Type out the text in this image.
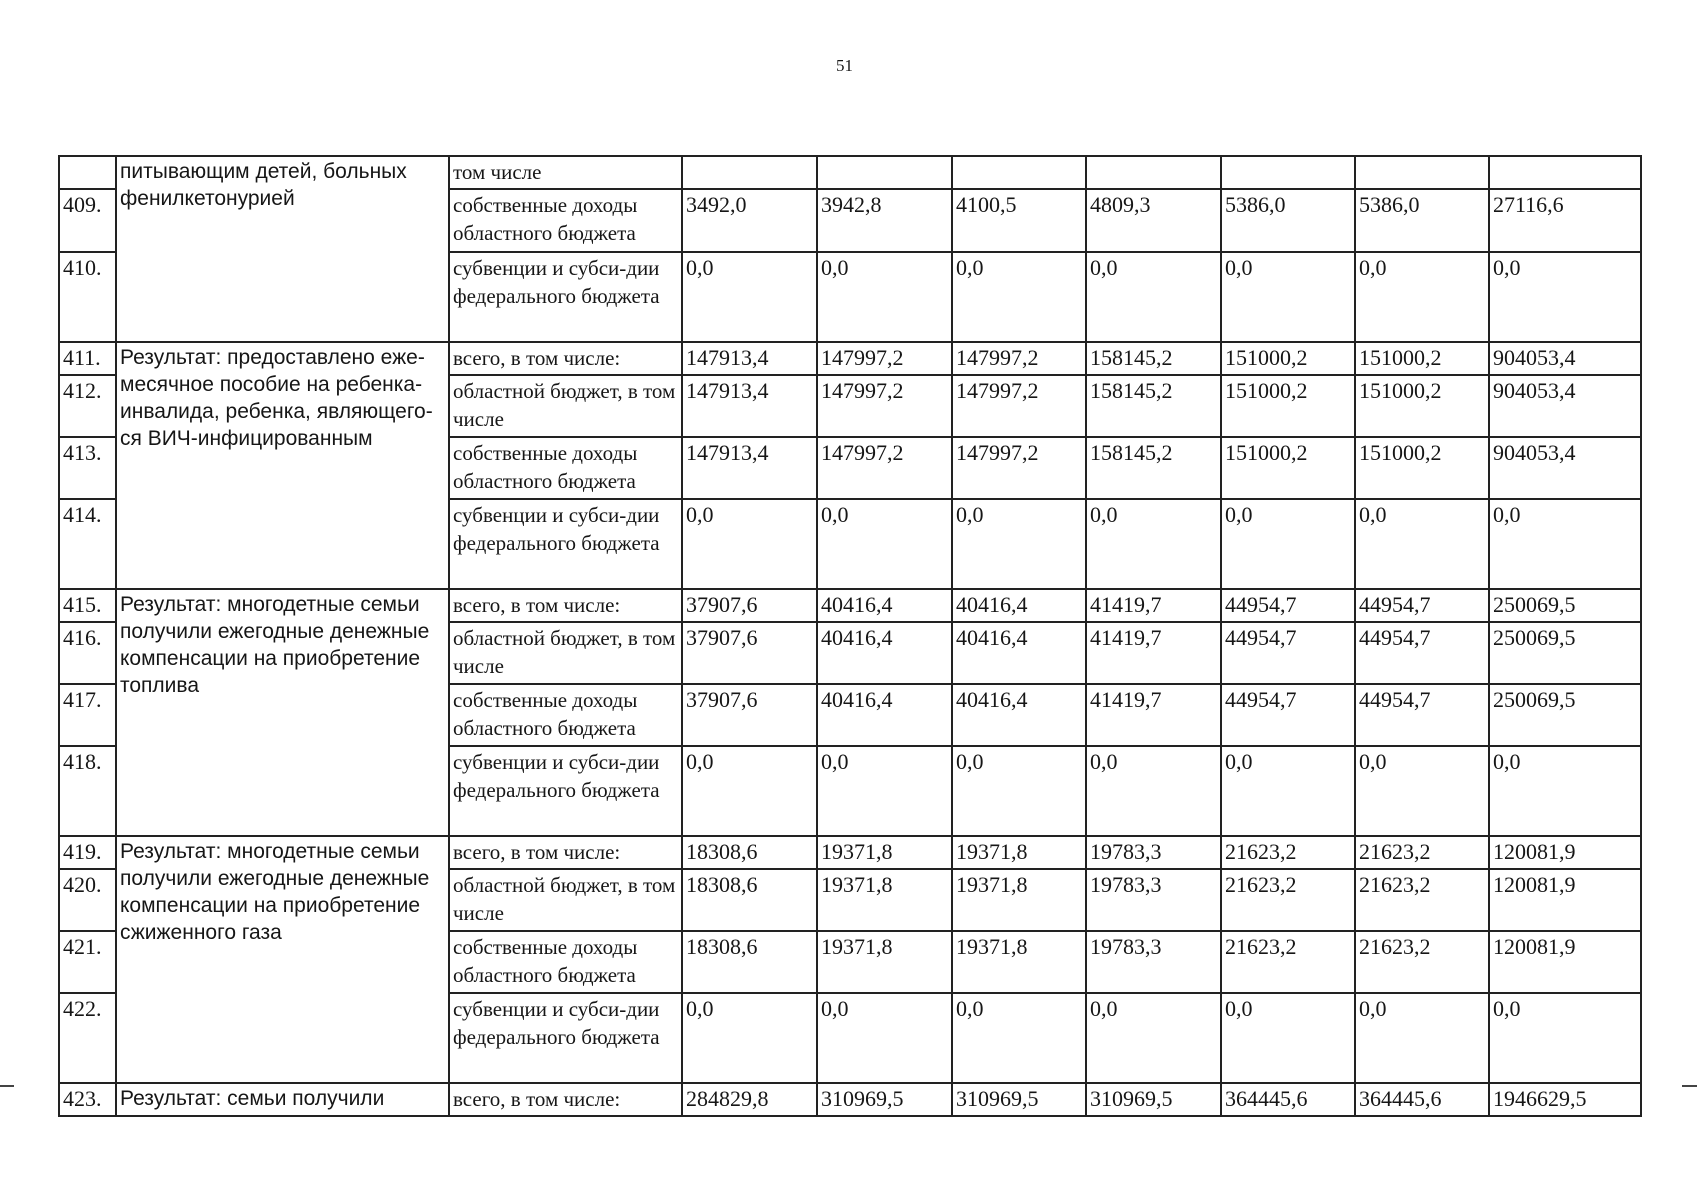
51
	питывающим детей, больных фенилкетонурией	том числе							
409.		собственные доходы областного бюджета	3492,0	3942,8	4100,5	4809,3	5386,0	5386,0	27116,6
410.		субвенции и субси-дии федерального бюджета	0,0	0,0	0,0	0,0	0,0	0,0	0,0
411.	Результат: предоставлено еже-месячное пособие на ребенка-инвалида, ребенка, являющего-ся ВИЧ-инфицированным	всего, в том числе:	147913,4	147997,2	147997,2	158145,2	151000,2	151000,2	904053,4
412.		областной бюджет, в том числе	147913,4	147997,2	147997,2	158145,2	151000,2	151000,2	904053,4
413.		собственные доходы областного бюджета	147913,4	147997,2	147997,2	158145,2	151000,2	151000,2	904053,4
414.		субвенции и субси-дии федерального бюджета	0,0	0,0	0,0	0,0	0,0	0,0	0,0
415.	Результат: многодетные семьи получили ежегодные денежные компенсации на приобретение топлива	всего, в том числе:	37907,6	40416,4	40416,4	41419,7	44954,7	44954,7	250069,5
416.		областной бюджет, в том числе	37907,6	40416,4	40416,4	41419,7	44954,7	44954,7	250069,5
417.		собственные доходы областного бюджета	37907,6	40416,4	40416,4	41419,7	44954,7	44954,7	250069,5
418.		субвенции и субси-дии федерального бюджета	0,0	0,0	0,0	0,0	0,0	0,0	0,0
419.	Результат: многодетные семьи получили ежегодные денежные компенсации на приобретение сжиженного газа	всего, в том числе:	18308,6	19371,8	19371,8	19783,3	21623,2	21623,2	120081,9
420.		областной бюджет, в том числе	18308,6	19371,8	19371,8	19783,3	21623,2	21623,2	120081,9
421.		собственные доходы областного бюджета	18308,6	19371,8	19371,8	19783,3	21623,2	21623,2	120081,9
422.		субвенции и субси-дии федерального бюджета	0,0	0,0	0,0	0,0	0,0	0,0	0,0
423.	Результат: семьи получили	всего, в том числе:	284829,8	310969,5	310969,5	310969,5	364445,6	364445,6	1946629,5
